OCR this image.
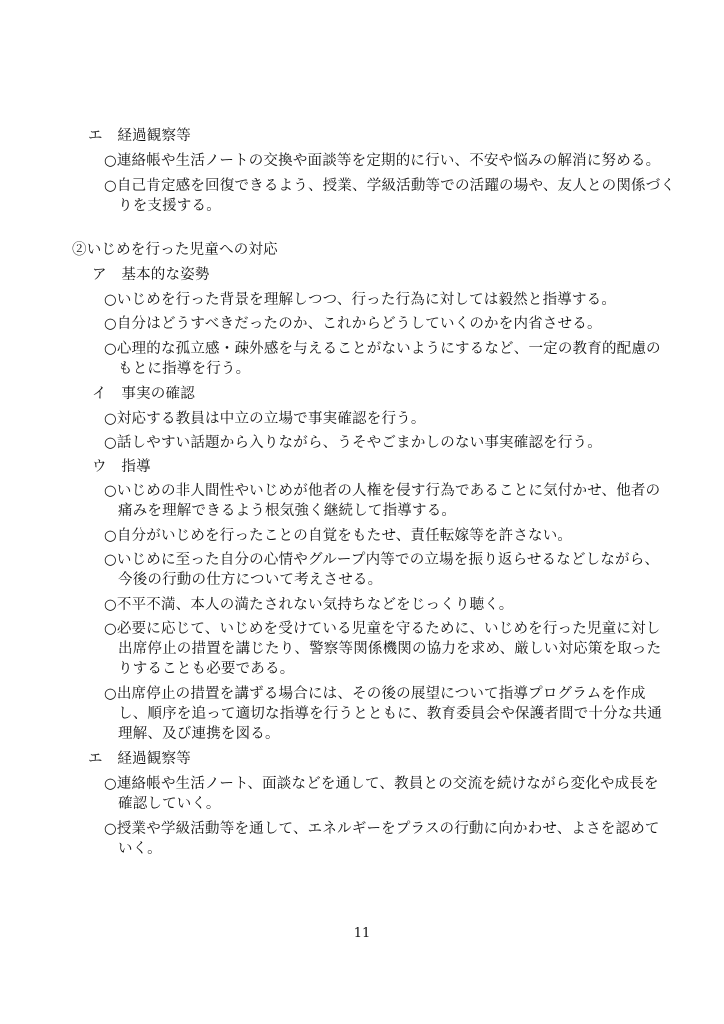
エ　経過観察等
○連絡帳や生活ノートの交換や面談等を定期的に行い、不安や悩みの解消に努める。
○自己肯定感を回復できるよう、授業、学級活動等での活躍の場や、友人との関係づく
りを支援する。
②いじめを行った児童への対応
ア　基本的な姿勢
○いじめを行った背景を理解しつつ、行った行為に対しては毅然と指導する。
○自分はどうすべきだったのか、これからどうしていくのかを内省させる。
○心理的な孤立感・疎外感を与えることがないようにするなど、一定の教育的配慮の
もとに指導を行う。
イ　事実の確認
○対応する教員は中立の立場で事実確認を行う。
○話しやすい話題から入りながら、うそやごまかしのない事実確認を行う。
ウ　指導
○いじめの非人間性やいじめが他者の人権を侵す行為であることに気付かせ、他者の
痛みを理解できるよう根気強く継続して指導する。
○自分がいじめを行ったことの自覚をもたせ、責任転嫁等を許さない。
○いじめに至った自分の心情やグループ内等での立場を振り返らせるなどしながら、
今後の行動の仕方について考えさせる。
○不平不満、本人の満たされない気持ちなどをじっくり聴く。
○必要に応じて、いじめを受けている児童を守るために、いじめを行った児童に対し
出席停止の措置を講じたり、警察等関係機関の協力を求め、厳しい対応策を取った
りすることも必要である。
○出席停止の措置を講ずる場合には、その後の展望について指導プログラムを作成
し、順序を追って適切な指導を行うとともに、教育委員会や保護者間で十分な共通
理解、及び連携を図る。
エ　経過観察等
○連絡帳や生活ノート、面談などを通して、教員との交流を続けながら変化や成長を
確認していく。
○授業や学級活動等を通して、エネルギーをプラスの行動に向かわせ、よさを認めて
いく。
11
